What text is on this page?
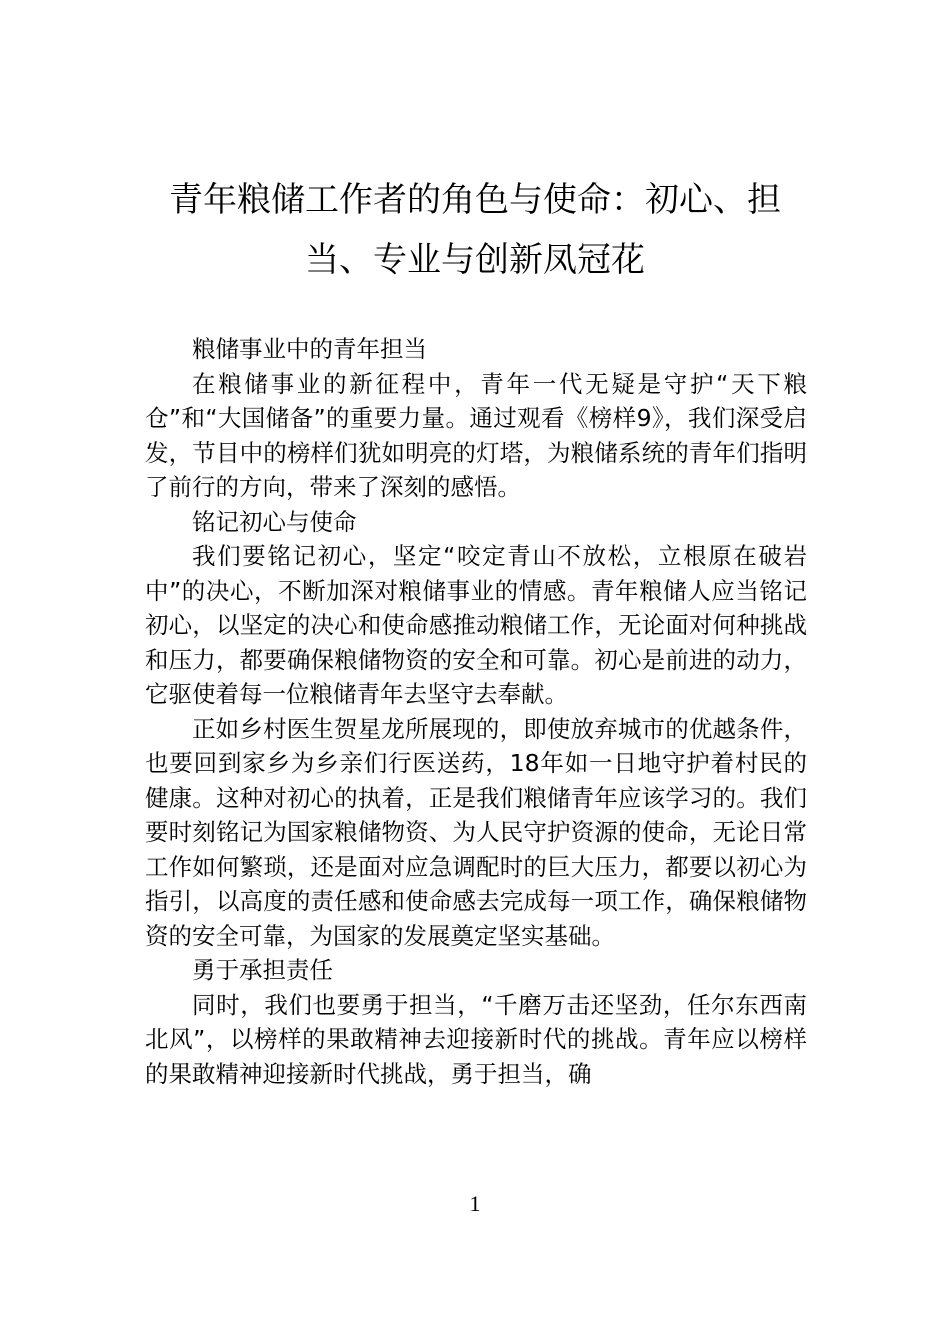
青年粮储工作者的角色与使命：初心、担当、专业与创新凤冠花

粮储事业中的青年担当

在粮储事业的新征程中，青年一代无疑是守护“天下粮仓”和“大国储备”的重要力量。通过观看《榜样9》，我们深受启发，节目中的榜样们犹如明亮的灯塔，为粮储系统的青年们指明了前行的方向，带来了深刻的感悟。

铭记初心与使命

我们要铭记初心，坚定“咬定青山不放松，立根原在破岩中”的决心，不断加深对粮储事业的情感。青年粮储人应当铭记初心，以坚定的决心和使命感推动粮储工作，无论面对何种挑战和压力，都要确保粮储物资的安全和可靠。初心是前进的动力，它驱使着每一位粮储青年去坚守去奉献。

正如乡村医生贺星龙所展现的，即使放弃城市的优越条件，也要回到家乡为乡亲们行医送药，18年如一日地守护着村民的健康。这种对初心的执着，正是我们粮储青年应该学习的。我们要时刻铭记为国家粮储物资、为人民守护资源的使命，无论日常工作如何繁琐，还是面对应急调配时的巨大压力，都要以初心为指引，以高度的责任感和使命感去完成每一项工作，确保粮储物资的安全可靠，为国家的发展奠定坚实基础。

勇于承担责任

同时，我们也要勇于担当，“千磨万击还坚劲，任尔东西南北风”，以榜样的果敢精神去迎接新时代的挑战。青年应以榜样的果敢精神迎接新时代挑战，勇于担当，确

1
